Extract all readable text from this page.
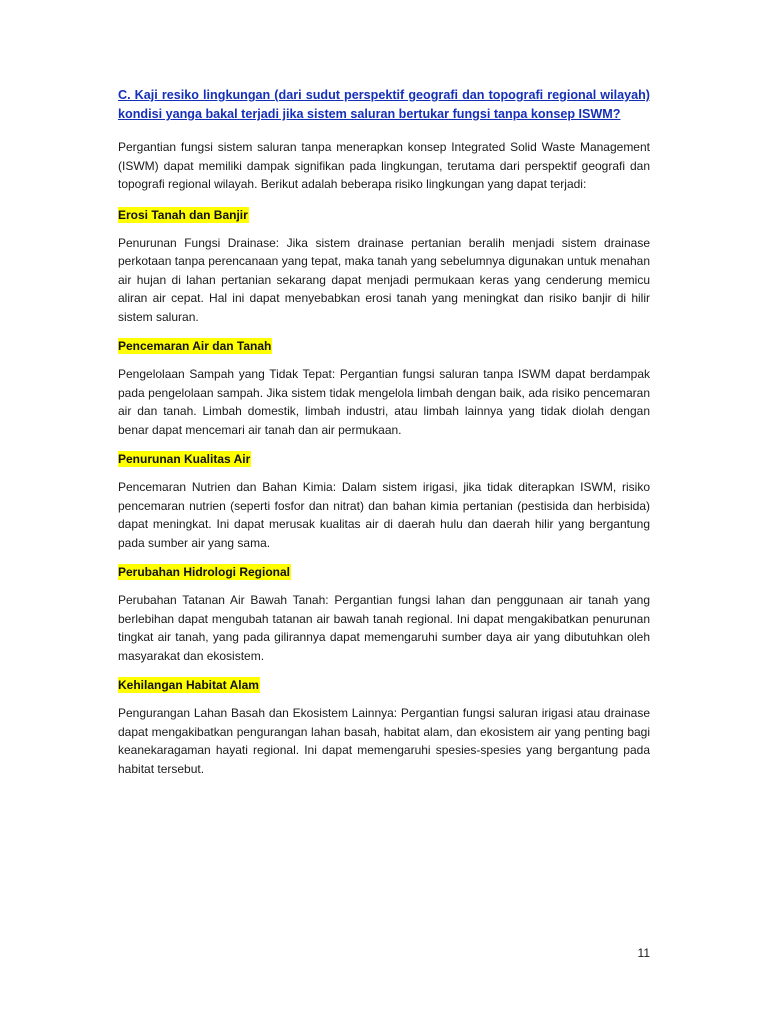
C. Kaji resiko lingkungan (dari sudut perspektif geografi dan topografi regional wilayah) kondisi yanga bakal terjadi jika sistem saluran bertukar fungsi tanpa konsep ISWM?

Pergantian fungsi sistem saluran tanpa menerapkan konsep Integrated Solid Waste Management (ISWM) dapat memiliki dampak signifikan pada lingkungan, terutama dari perspektif geografi dan topografi regional wilayah. Berikut adalah beberapa risiko lingkungan yang dapat terjadi:

Erosi Tanah dan Banjir

Penurunan Fungsi Drainase: Jika sistem drainase pertanian beralih menjadi sistem drainase perkotaan tanpa perencanaan yang tepat, maka tanah yang sebelumnya digunakan untuk menahan air hujan di lahan pertanian sekarang dapat menjadi permukaan keras yang cenderung memicu aliran air cepat. Hal ini dapat menyebabkan erosi tanah yang meningkat dan risiko banjir di hilir sistem saluran.

Pencemaran Air dan Tanah

Pengelolaan Sampah yang Tidak Tepat: Pergantian fungsi saluran tanpa ISWM dapat berdampak pada pengelolaan sampah. Jika sistem tidak mengelola limbah dengan baik, ada risiko pencemaran air dan tanah. Limbah domestik, limbah industri, atau limbah lainnya yang tidak diolah dengan benar dapat mencemari air tanah dan air permukaan.

Penurunan Kualitas Air

Pencemaran Nutrien dan Bahan Kimia: Dalam sistem irigasi, jika tidak diterapkan ISWM, risiko pencemaran nutrien (seperti fosfor dan nitrat) dan bahan kimia pertanian (pestisida dan herbisida) dapat meningkat. Ini dapat merusak kualitas air di daerah hulu dan daerah hilir yang bergantung pada sumber air yang sama.

Perubahan Hidrologi Regional

Perubahan Tatanan Air Bawah Tanah: Pergantian fungsi lahan dan penggunaan air tanah yang berlebihan dapat mengubah tatanan air bawah tanah regional. Ini dapat mengakibatkan penurunan tingkat air tanah, yang pada gilirannya dapat memengaruhi sumber daya air yang dibutuhkan oleh masyarakat dan ekosistem.

Kehilangan Habitat Alam

Pengurangan Lahan Basah dan Ekosistem Lainnya: Pergantian fungsi saluran irigasi atau drainase dapat mengakibatkan pengurangan lahan basah, habitat alam, dan ekosistem air yang penting bagi keanekaragaman hayati regional. Ini dapat memengaruhi spesies-spesies yang bergantung pada habitat tersebut.

11
